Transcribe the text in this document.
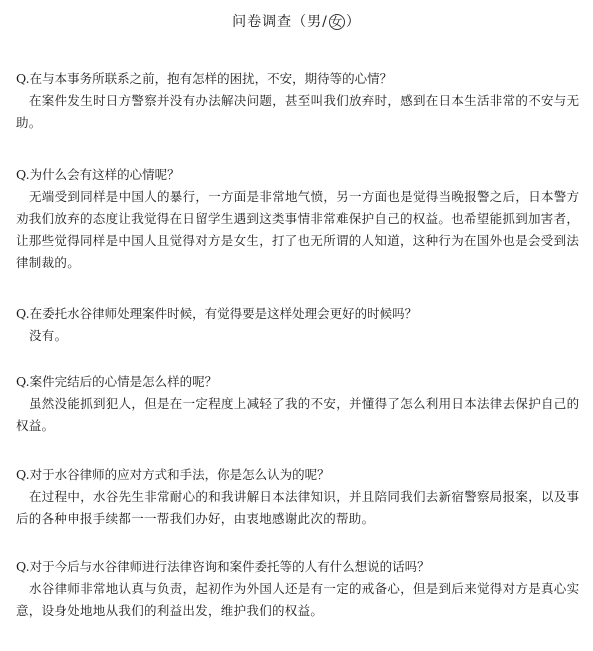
问卷调查（男/ 女 ）

Q.在与本事务所联系之前，抱有怎样的困扰，不安，期待等的心情？

在案件发生时日方警察并没有办法解决问题，甚至叫我们放弃时，感到在日本生活非常的不安与无助。

Q.为什么会有这样的心情呢？

无端受到同样是中国人的暴行，一方面是非常地气愤，另一方面也是觉得当晚报警之后，日本警方劝我们放弃的态度让我觉得在日留学生遇到这类事情非常难保护自己的权益。也希望能抓到加害者，让那些觉得同样是中国人且觉得对方是女生，打了也无所谓的人知道，这种行为在国外也是会受到法律制裁的。

Q.在委托水谷律师处理案件时候，有觉得要是这样处理会更好的时候吗？

没有。

Q.案件完结后的心情是怎么样的呢？

虽然没能抓到犯人，但是在一定程度上减轻了我的不安，并懂得了怎么利用日本法律去保护自己的权益。

Q.对于水谷律师的应对方式和手法，你是怎么认为的呢？

在过程中，水谷先生非常耐心的和我讲解日本法律知识，并且陪同我们去新宿警察局报案，以及事后的各种申报手续都一一帮我们办好，由衷地感谢此次的帮助。

Q.对于今后与水谷律师进行法律咨询和案件委托等的人有什么想说的话吗？

水谷律师非常地认真与负责，起初作为外国人还是有一定的戒备心，但是到后来觉得对方是真心实意，设身处地地从我们的利益出发，维护我们的权益。
